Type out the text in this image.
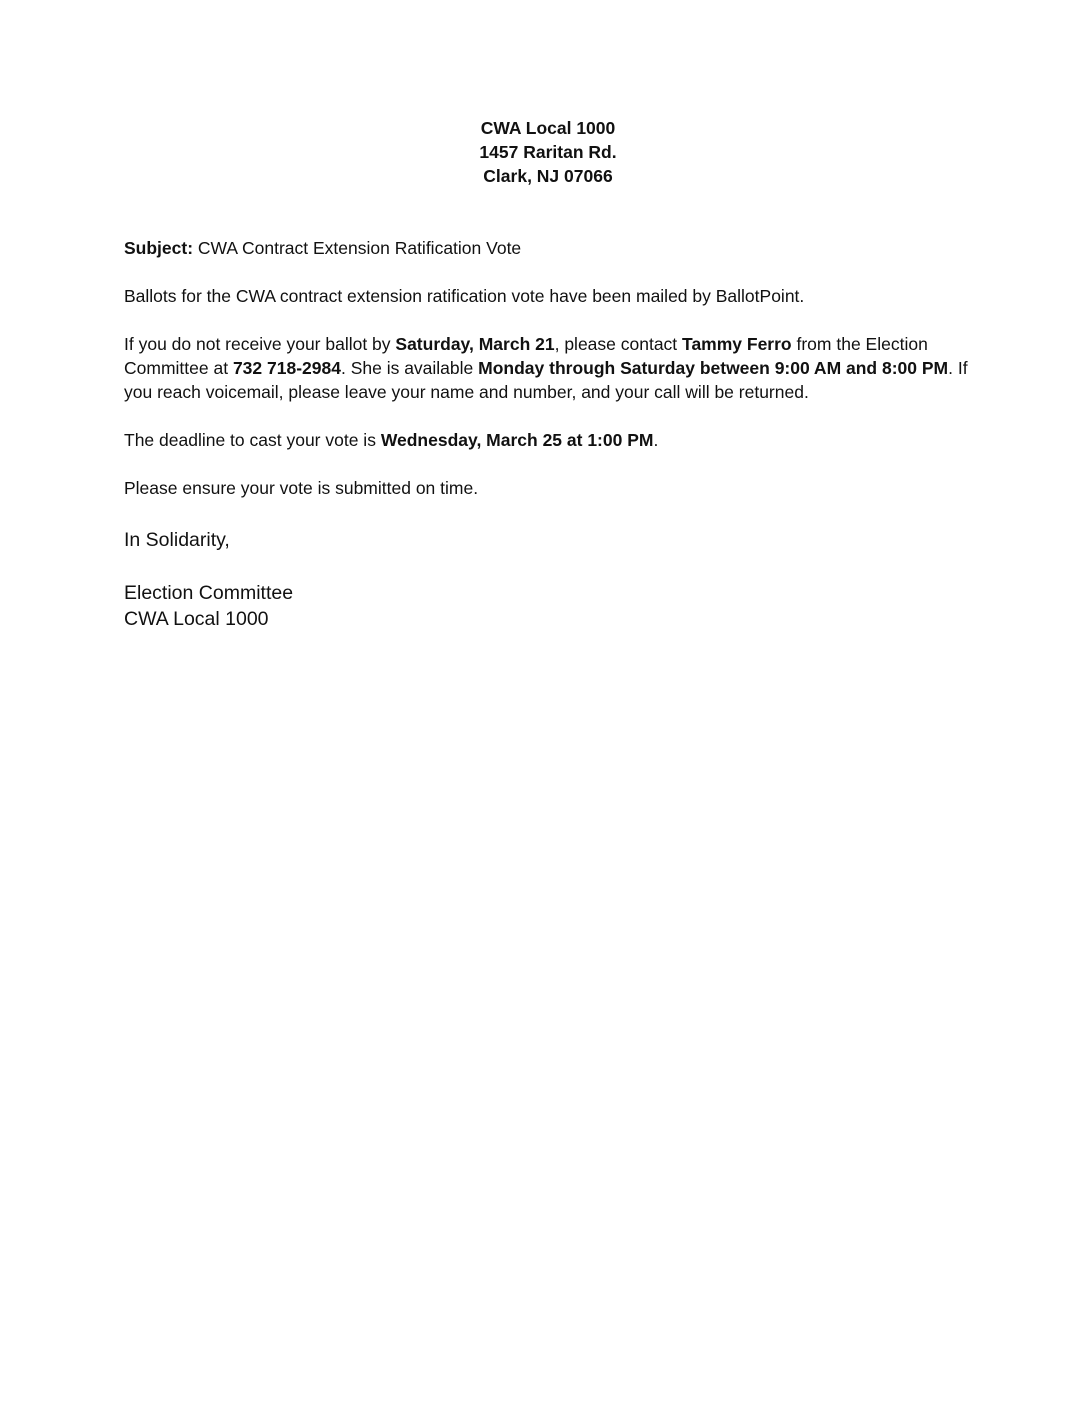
CWA Local 1000
1457 Raritan Rd.
Clark, NJ 07066
Subject: CWA Contract Extension Ratification Vote
Ballots for the CWA contract extension ratification vote have been mailed by BallotPoint.
If you do not receive your ballot by Saturday, March 21, please contact Tammy Ferro from the Election Committee at 732 718-2984. She is available Monday through Saturday between 9:00 AM and 8:00 PM. If you reach voicemail, please leave your name and number, and your call will be returned.
The deadline to cast your vote is Wednesday, March 25 at 1:00 PM.
Please ensure your vote is submitted on time.
In Solidarity,
Election Committee
CWA Local 1000
